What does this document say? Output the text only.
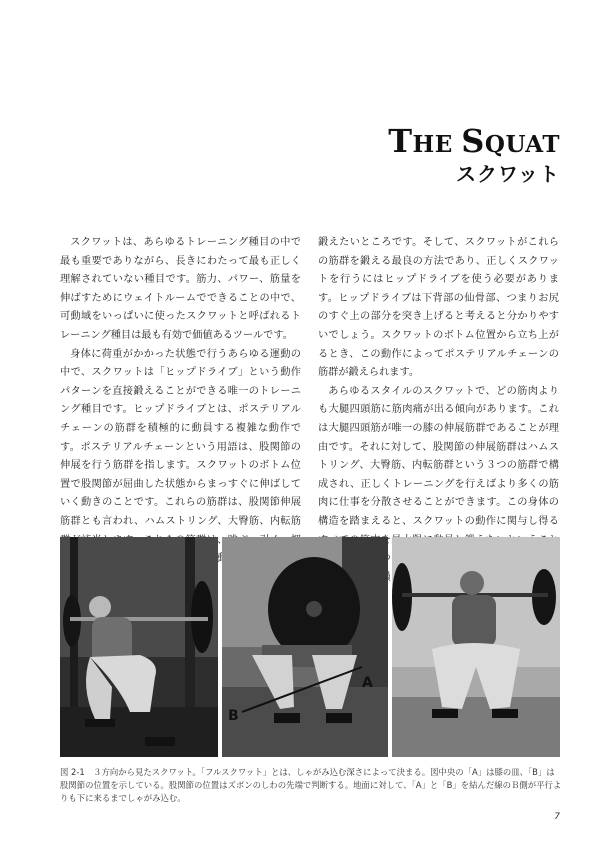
THE SQUAT
スクワット

スクワットは、あらゆるトレーニング種目の中で最も重要でありながら、長きにわたって最も正しく理解されていない種目です。筋力、パワー、筋量を伸ばすためにウェイトルームでできることの中で、可動域をいっぱいに使ったスクワットと呼ばれるトレーニング種目は最も有効で価値あるツールです。

身体に荷重がかかった状態で行うあらゆる運動の中で、スクワットは「ヒップドライブ」という動作パターンを直接鍛えることができる唯一のトレーニング種目です。ヒップドライブとは、ポステリアルチェーンの筋群を積極的に動員する複雑な動作です。ポステリアルチェーンという用語は、股関節の伸展を行う筋群を指します。スクワットのボトム位置で股関節が屈曲した状態からまっすぐに伸ばしていく動きのことです。これらの筋群は、股関節伸展筋群とも言われ、ハムストリング、大臀筋、内転筋

鍛えたいところです。そして、スクワットがこれらの筋群を鍛える最良の方法であり、正しくスクワットを行うにはヒップドライブを使う必要があります。ヒップドライブは下背部の仙骨部、つまりお尻のすぐ上の部分を突き上げると考えると分かりやすいでしょう。スクワットのボトム位置から立ち上がるとき、この動作によってポステリアルチェーンの筋群が鍛えられます。

あらゆるスタイルのスクワットで、どの筋肉よりも大腿四頭筋に筋肉痛が出る傾向があります。これは大腿四頭筋が唯一の膝の伸展筋群であることが理由です。それに対して、股関節の伸展筋群はハムストリング、大臀筋、内転筋群という３つの筋群で構成され、正しくトレーニングを行えばより多くの筋肉に仕事を分散させることができます。この身体の構造を踏まえると、スクワットの動作に関与し得る

B
A
図 2-1　３方向から見たスクワット。「フルスクワット」とは、しゃがみ込む深さによって決まる。図中央の「A」は膝の皿、「B」は股関節の位置を示している。股関節の位置はズボンのしわの先端で判断する。地面に対して、「A」と「B」を結んだ線のＢ側が平行よりも下に来るまでしゃがみ込む。
7
